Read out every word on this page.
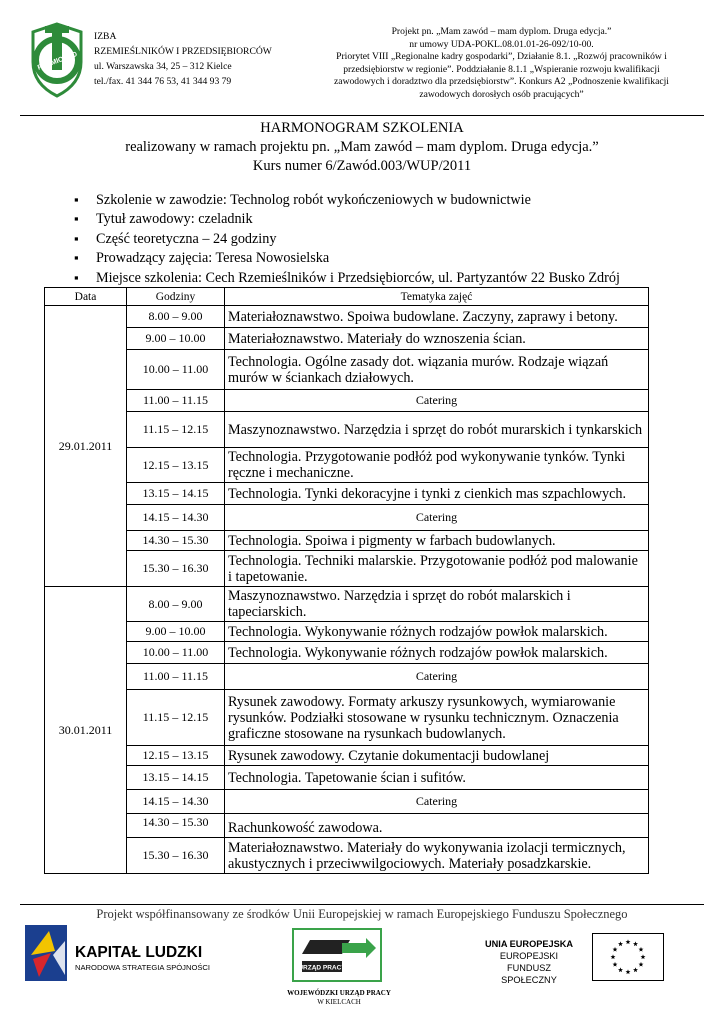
RZEMIOSŁO
IZBA
RZEMIEŚLNIKÓW I PRZEDSIĘBIORCÓW
ul. Warszawska 34, 25 – 312 Kielce
tel./fax. 41 344 76 53, 41 344 93 79
Projekt pn. „Mam zawód – mam dyplom. Druga edycja.”
nr umowy UDA-POKL.08.01.01-26-092/10-00.
Priorytet VIII „Regionalne kadry gospodarki”, Działanie 8.1. „Rozwój pracowników i
przedsiębiorstw w regionie”. Poddziałanie 8.1.1 „Wspieranie rozwoju kwalifikacji
zawodowych i doradztwo dla przedsiębiorstw”. Konkurs A2 „Podnoszenie kwalifikacji
zawodowych dorosłych osób pracujących”
HARMONOGRAM SZKOLENIA
realizowany w ramach projektu pn. „Mam zawód – mam dyplom. Druga edycja.”
Kurs numer 6/Zawód.003/WUP/2011
▪ Szkolenie w zawodzie: Technolog robót wykończeniowych w budownictwie
▪ Tytuł zawodowy: czeladnik
▪ Część teoretyczna – 24 godziny
▪ Prowadzący zajęcia: Teresa Nowosielska
▪ Miejsce szkolenia: Cech Rzemieślników i Przedsiębiorców, ul. Partyzantów 22 Busko Zdrój
Data	Godziny	Tematyka zajęć
29.01.2011	8.00 – 9.00	Materiałoznawstwo. Spoiwa budowlane. Zaczyny, zaprawy i betony.
	9.00 – 10.00	Materiałoznawstwo. Materiały do wznoszenia ścian.
	10.00 – 11.00	Technologia. Ogólne zasady dot. wiązania murów. Rodzaje wiązań murów w ściankach działowych.
	11.00 – 11.15	Catering
	11.15 – 12.15	Maszynoznawstwo. Narzędzia i sprzęt do robót murarskich i tynkarskich
	12.15 – 13.15	Technologia. Przygotowanie podłóż pod wykonywanie tynków. Tynki ręczne i mechaniczne.
	13.15 – 14.15	Technologia. Tynki dekoracyjne i tynki z cienkich mas szpachlowych.
	14.15 – 14.30	Catering
	14.30 – 15.30	Technologia. Spoiwa i pigmenty w farbach budowlanych.
	15.30 – 16.30	Technologia. Techniki malarskie. Przygotowanie podłóż pod malowanie i tapetowanie.
30.01.2011	8.00 – 9.00	Maszynoznawstwo. Narzędzia i sprzęt do robót malarskich i tapeciarskich.
	9.00 – 10.00	Technologia. Wykonywanie różnych rodzajów powłok malarskich.
	10.00 – 11.00	Technologia. Wykonywanie różnych rodzajów powłok malarskich.
	11.00 – 11.15	Catering
	11.15 – 12.15	Rysunek zawodowy. Formaty arkuszy rysunkowych, wymiarowanie rysunków. Podziałki stosowane w rysunku technicznym. Oznaczenia graficzne stosowane na rysunkach budowlanych.
	12.15 – 13.15	Rysunek zawodowy. Czytanie dokumentacji budowlanej
	13.15 – 14.15	Technologia. Tapetowanie ścian i sufitów.
	14.15 – 14.30	Catering
	14.30 – 15.30	Rachunkowość zawodowa.
	15.30 – 16.30	Materiałoznawstwo. Materiały do wykonywania izolacji termicznych, akustycznych i przeciwwilgociowych. Materiały posadzkarskie.
Projekt współfinansowany ze środków Unii Europejskiej w ramach Europejskiego Funduszu Społecznego
KAPITAŁ LUDZKI
NARODOWA STRATEGIA SPÓJNOŚCI	URZĄD PRACY
WOJEWÓDZKI URZĄD PRACY
W KIELCACH
UNIA EUROPEJSKA
EUROPEJSKI
FUNDUSZ SPOŁECZNY
